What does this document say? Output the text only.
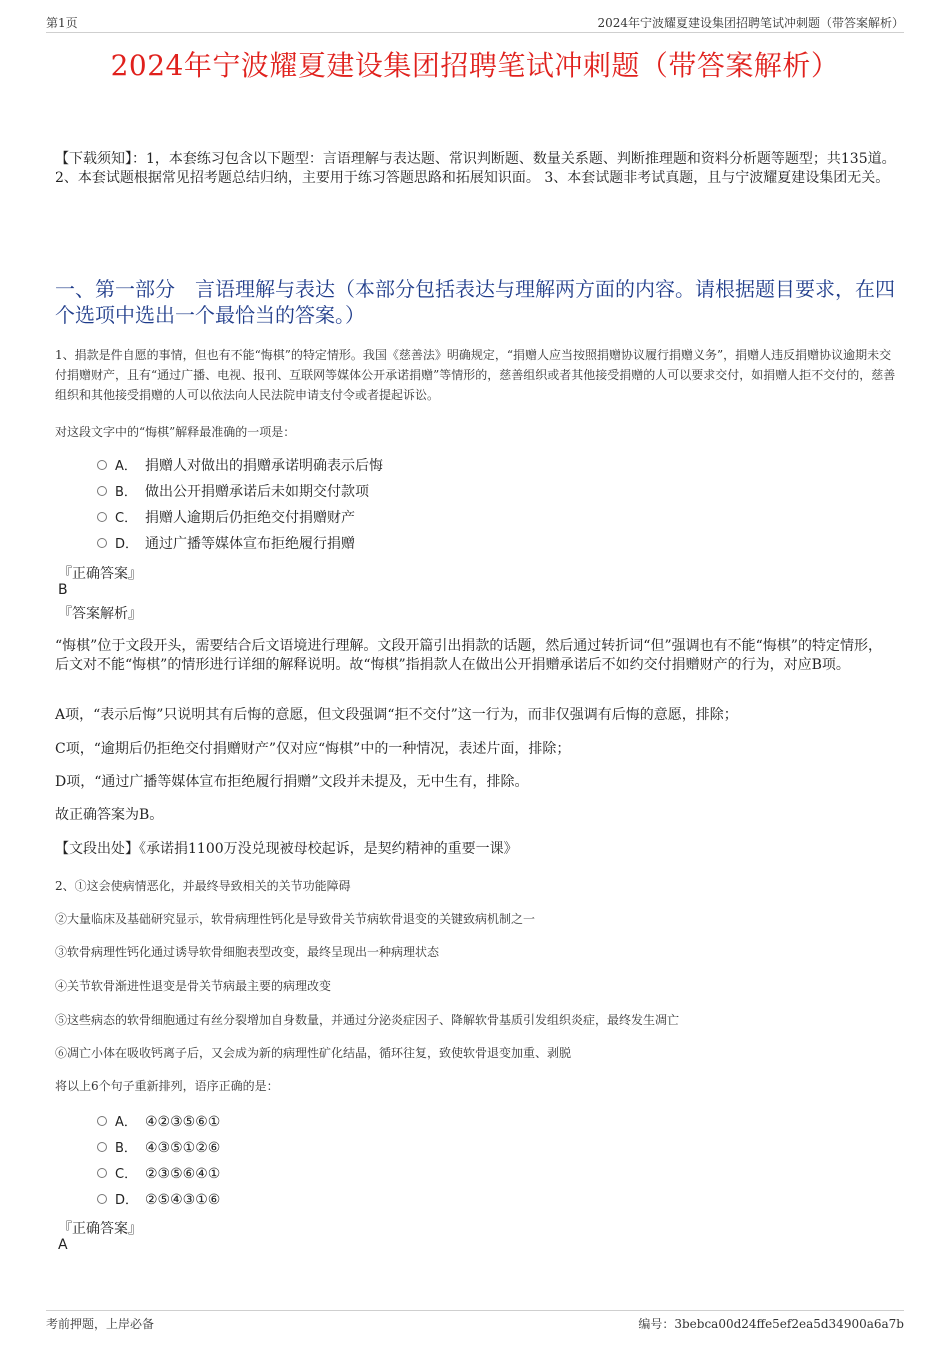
第1页	2024年宁波耀夏建设集团招聘笔试冲刺题（带答案解析）
2024年宁波耀夏建设集团招聘笔试冲刺题（带答案解析）
【下载须知】：1，本套练习包含以下题型：言语理解与表达题、常识判断题、数量关系题、判断推理题和资料分析题等题型；共135道。 2、本套试题根据常见招考题总结归纳，主要用于练习答题思路和拓展知识面。 3、本套试题非考试真题，且与宁波耀夏建设集团无关。
一、第一部分　言语理解与表达（本部分包括表达与理解两方面的内容。请根据题目要求，在四个选项中选出一个最恰当的答案。）
1、捐款是件自愿的事情，但也有不能“悔棋”的特定情形。我国《慈善法》明确规定，“捐赠人应当按照捐赠协议履行捐赠义务”，捐赠人违反捐赠协议逾期未交付捐赠财产，且有“通过广播、电视、报刊、互联网等媒体公开承诺捐赠”等情形的，慈善组织或者其他接受捐赠的人可以要求交付，如捐赠人拒不交付的，慈善组织和其他接受捐赠的人可以依法向人民法院申请支付令或者提起诉讼。
对这段文字中的“悔棋”解释最准确的一项是：
A． 捐赠人对做出的捐赠承诺明确表示后悔
B． 做出公开捐赠承诺后未如期交付款项
C． 捐赠人逾期后仍拒绝交付捐赠财产
D． 通过广播等媒体宣布拒绝履行捐赠
『正确答案』
B
『答案解析』
“悔棋”位于文段开头，需要结合后文语境进行理解。文段开篇引出捐款的话题，然后通过转折词“但”强调也有不能“悔棋”的特定情形，后文对不能“悔棋”的情形进行详细的解释说明。故“悔棋”指捐款人在做出公开捐赠承诺后不如约交付捐赠财产的行为，对应B项。
A项，“表示后悔”只说明其有后悔的意愿，但文段强调“拒不交付”这一行为，而非仅强调有后悔的意愿，排除；
C项，“逾期后仍拒绝交付捐赠财产”仅对应“悔棋”中的一种情况，表述片面，排除；
D项，“通过广播等媒体宣布拒绝履行捐赠”文段并未提及，无中生有，排除。
故正确答案为B。
【文段出处】《承诺捐1100万没兑现被母校起诉，是契约精神的重要一课》
2、①这会使病情恶化，并最终导致相关的关节功能障碍
②大量临床及基础研究显示，软骨病理性钙化是导致骨关节病软骨退变的关键致病机制之一
③软骨病理性钙化通过诱导软骨细胞表型改变，最终呈现出一种病理状态
④关节软骨渐进性退变是骨关节病最主要的病理改变
⑤这些病态的软骨细胞通过有丝分裂增加自身数量，并通过分泌炎症因子、降解软骨基质引发组织炎症，最终发生凋亡
⑥凋亡小体在吸收钙离子后，又会成为新的病理性矿化结晶，循环往复，致使软骨退变加重、剥脱
将以上6个句子重新排列，语序正确的是：
A． ④②③⑤⑥①
B． ④③⑤①②⑥
C． ②③⑤⑥④①
D． ②⑤④③①⑥
『正确答案』
A
考前押题，上岸必备	编号：3bebca00d24ffe5ef2ea5d34900a6a7b
